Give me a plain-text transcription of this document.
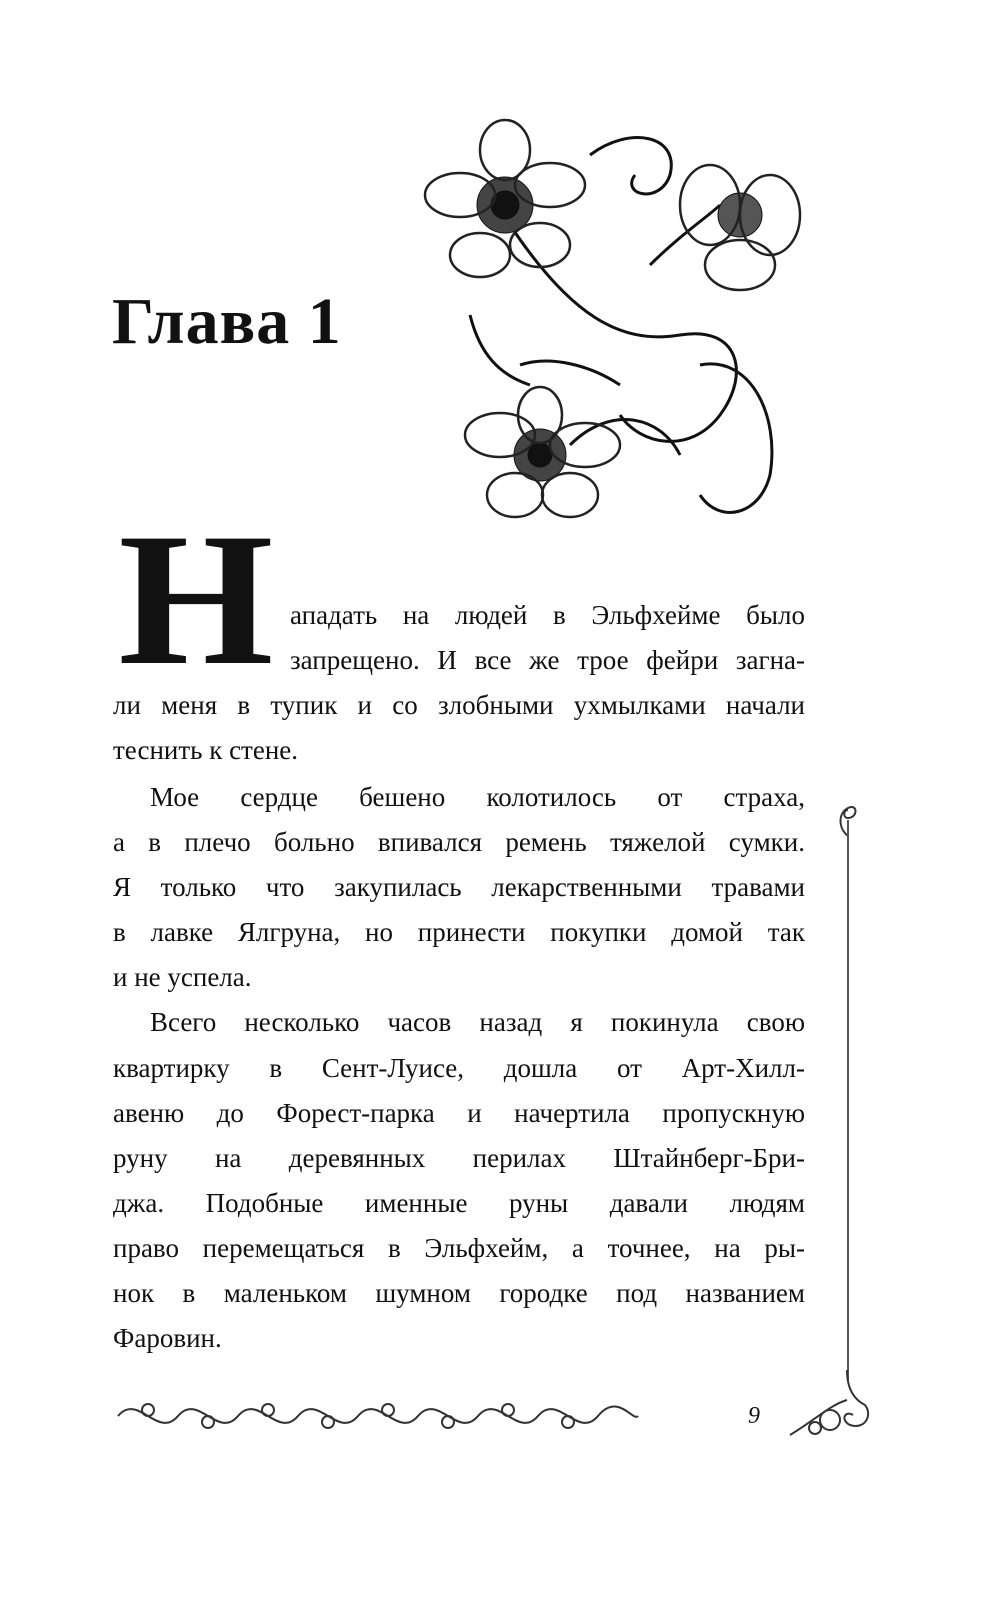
Глава 1
Н ападать на людей в Эльфхейме было
запрещено. И все же трое фейри загна-
ли меня в тупик и со злобными ухмылками начали
теснить к стене.
Мое сердце бешено колотилось от страха,
а в плечо больно впивался ремень тяжелой сумки.
Я только что закупилась лекарственными травами
в лавке Ялгруна, но принести покупки домой так
и не успела.
Всего несколько часов назад я покинула свою
квартирку в Сент-Луисе, дошла от Арт-Хилл-
авеню до Форест-парка и начертила пропускную
руну на деревянных перилах Штайнберг-Бри-
джа. Подобные именные руны давали людям
право перемещаться в Эльфхейм, а точнее, на ры-
нок в маленьком шумном городке под названием
Фаровин.
9
